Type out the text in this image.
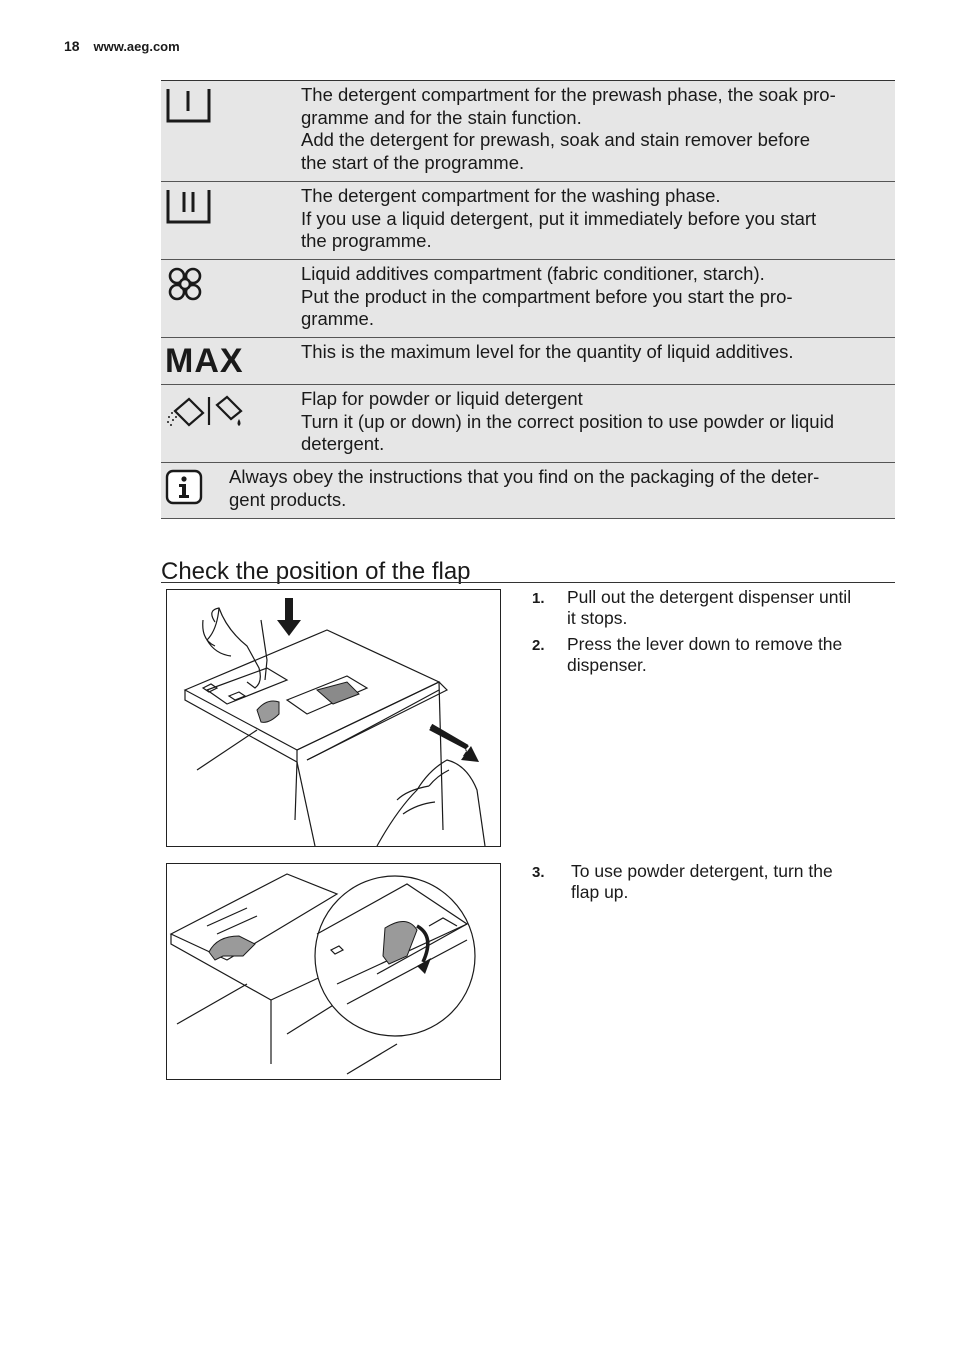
18 www.aeg.com
The detergent compartment for the prewash phase, the soak pro-
gramme and for the stain function.
Add the detergent for prewash, soak and stain remover before
the start of the programme.
The detergent compartment for the washing phase.
If you use a liquid detergent, put it immediately before you start
the programme.
Liquid additives compartment (fabric conditioner, starch).
Put the product in the compartment before you start the pro-
gramme.
MAX	This is the maximum level for the quantity of liquid additives.
Flap for powder or liquid detergent
Turn it (up or down) in the correct position to use powder or liquid
detergent.
Always obey the instructions that you find on the packaging of the deter-
gent products.
Check the position of the flap
1.	Pull out the detergent dispenser until
it stops.
2.	Press the lever down to remove the
dispenser.
3.	To use powder detergent, turn the
flap up.
